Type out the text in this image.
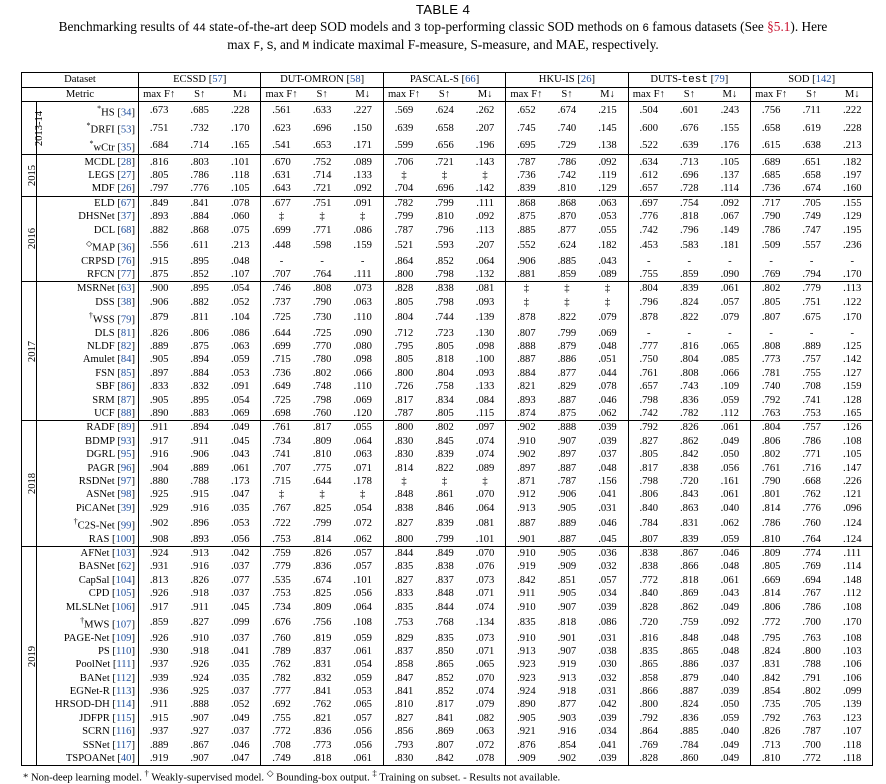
TABLE 4
Benchmarking results of 44 state-of-the-art deep SOD models and 3 top-performing classic SOD methods on 6 famous datasets (See §5.1). Here
max F, S, and M indicate maximal F-measure, S-measure, and MAE, respectively.
Dataset		ECSSD [57]			DUT-OMRON [58]			PASCAL-S [66]			HKU-IS [26]			DUTS-test [79]			SOD [142]		
Metric		max F↑	S↑	M↓	max F↑	S↑	M↓	max F↑	S↑	M↓	max F↑	S↑	M↓	max F↑	S↑	M↓	max F↑	S↑	M↓
2013-14	*HS [34]	.673	.685	.228	.561	.633	.227	.569	.624	.262	.652	.674	.215	.504	.601	.243	.756	.711	.222
	*DRFI [53]	.751	.732	.170	.623	.696	.150	.639	.658	.207	.745	.740	.145	.600	.676	.155	.658	.619	.228
	*wCtr [35]	.684	.714	.165	.541	.653	.171	.599	.656	.196	.695	.729	.138	.522	.639	.176	.615	.638	.213
2015	MCDL [28]	.816	.803	.101	.670	.752	.089	.706	.721	.143	.787	.786	.092	.634	.713	.105	.689	.651	.182
	LEGS [27]	.805	.786	.118	.631	.714	.133	‡	‡	‡	.736	.742	.119	.612	.696	.137	.685	.658	.197
	MDF [26]	.797	.776	.105	.643	.721	.092	.704	.696	.142	.839	.810	.129	.657	.728	.114	.736	.674	.160
2016	ELD [67]	.849	.841	.078	.677	.751	.091	.782	.799	.111	.868	.868	.063	.697	.754	.092	.717	.705	.155
	DHSNet [37]	.893	.884	.060	‡	‡	‡	.799	.810	.092	.875	.870	.053	.776	.818	.067	.790	.749	.129
	DCL [68]	.882	.868	.075	.699	.771	.086	.787	.796	.113	.885	.877	.055	.742	.796	.149	.786	.747	.195
	◇MAP [36]	.556	.611	.213	.448	.598	.159	.521	.593	.207	.552	.624	.182	.453	.583	.181	.509	.557	.236
	CRPSD [76]	.915	.895	.048	-	-	-	.864	.852	.064	.906	.885	.043	-	-	-	-	-	-
	RFCN [77]	.875	.852	.107	.707	.764	.111	.800	.798	.132	.881	.859	.089	.755	.859	.090	.769	.794	.170
2017	MSRNet [63]	.900	.895	.054	.746	.808	.073	.828	.838	.081	‡	‡	‡	.804	.839	.061	.802	.779	.113
	DSS [38]	.906	.882	.052	.737	.790	.063	.805	.798	.093	‡	‡	‡	.796	.824	.057	.805	.751	.122
	†WSS [79]	.879	.811	.104	.725	.730	.110	.804	.744	.139	.878	.822	.079	.878	.822	.079	.807	.675	.170
	DLS [81]	.826	.806	.086	.644	.725	.090	.712	.723	.130	.807	.799	.069	-	-	-	-	-	-
	NLDF [82]	.889	.875	.063	.699	.770	.080	.795	.805	.098	.888	.879	.048	.777	.816	.065	.808	.889	.125
	Amulet [84]	.905	.894	.059	.715	.780	.098	.805	.818	.100	.887	.886	.051	.750	.804	.085	.773	.757	.142
	FSN [85]	.897	.884	.053	.736	.802	.066	.800	.804	.093	.884	.877	.044	.761	.808	.066	.781	.755	.127
	SBF [86]	.833	.832	.091	.649	.748	.110	.726	.758	.133	.821	.829	.078	.657	.743	.109	.740	.708	.159
	SRM [87]	.905	.895	.054	.725	.798	.069	.817	.834	.084	.893	.887	.046	.798	.836	.059	.792	.741	.128
	UCF [88]	.890	.883	.069	.698	.760	.120	.787	.805	.115	.874	.875	.062	.742	.782	.112	.763	.753	.165
2018	RADF [89]	.911	.894	.049	.761	.817	.055	.800	.802	.097	.902	.888	.039	.792	.826	.061	.804	.757	.126
	BDMP [93]	.917	.911	.045	.734	.809	.064	.830	.845	.074	.910	.907	.039	.827	.862	.049	.806	.786	.108
	DGRL [95]	.916	.906	.043	.741	.810	.063	.830	.839	.074	.902	.897	.037	.805	.842	.050	.802	.771	.105
	PAGR [96]	.904	.889	.061	.707	.775	.071	.814	.822	.089	.897	.887	.048	.817	.838	.056	.761	.716	.147
	RSDNet [97]	.880	.788	.173	.715	.644	.178	‡	‡	‡	.871	.787	.156	.798	.720	.161	.790	.668	.226
	ASNet [98]	.925	.915	.047	‡	‡	‡	.848	.861	.070	.912	.906	.041	.806	.843	.061	.801	.762	.121
	PiCANet [39]	.929	.916	.035	.767	.825	.054	.838	.846	.064	.913	.905	.031	.840	.863	.040	.814	.776	.096
	†C2S-Net [99]	.902	.896	.053	.722	.799	.072	.827	.839	.081	.887	.889	.046	.784	.831	.062	.786	.760	.124
	RAS [100]	.908	.893	.056	.753	.814	.062	.800	.799	.101	.901	.887	.045	.807	.839	.059	.810	.764	.124
2019	AFNet [103]	.924	.913	.042	.759	.826	.057	.844	.849	.070	.910	.905	.036	.838	.867	.046	.809	.774	.111
	BASNet [62]	.931	.916	.037	.779	.836	.057	.835	.838	.076	.919	.909	.032	.838	.866	.048	.805	.769	.114
	CapSal [104]	.813	.826	.077	.535	.674	.101	.827	.837	.073	.842	.851	.057	.772	.818	.061	.669	.694	.148
	CPD [105]	.926	.918	.037	.753	.825	.056	.833	.848	.071	.911	.905	.034	.840	.869	.043	.814	.767	.112
	MLSLNet [106]	.917	.911	.045	.734	.809	.064	.835	.844	.074	.910	.907	.039	.828	.862	.049	.806	.786	.108
	†MWS [107]	.859	.827	.099	.676	.756	.108	.753	.768	.134	.835	.818	.086	.720	.759	.092	.772	.700	.170
	PAGE-Net [109]	.926	.910	.037	.760	.819	.059	.829	.835	.073	.910	.901	.031	.816	.848	.048	.795	.763	.108
	PS [110]	.930	.918	.041	.789	.837	.061	.837	.850	.071	.913	.907	.038	.835	.865	.048	.824	.800	.103
	PoolNet [111]	.937	.926	.035	.762	.831	.054	.858	.865	.065	.923	.919	.030	.865	.886	.037	.831	.788	.106
	BANet [112]	.939	.924	.035	.782	.832	.059	.847	.852	.070	.923	.913	.032	.858	.879	.040	.842	.791	.106
	EGNet-R [113]	.936	.925	.037	.777	.841	.053	.841	.852	.074	.924	.918	.031	.866	.887	.039	.854	.802	.099
	HRSOD-DH [114]	.911	.888	.052	.692	.762	.065	.810	.817	.079	.890	.877	.042	.800	.824	.050	.735	.705	.139
	JDFPR [115]	.915	.907	.049	.755	.821	.057	.827	.841	.082	.905	.903	.039	.792	.836	.059	.792	.763	.123
	SCRN [116]	.937	.927	.037	.772	.836	.056	.856	.869	.063	.921	.916	.034	.864	.885	.040	.826	.787	.107
	SSNet [117]	.889	.867	.046	.708	.773	.056	.793	.807	.072	.876	.854	.041	.769	.784	.049	.713	.700	.118
	TSPOANet [40]	.919	.907	.047	.749	.818	.061	.830	.842	.078	.909	.902	.039	.828	.860	.049	.810	.772	.118
* Non-deep learning model. † Weakly-supervised model. ◇ Bounding-box output. ‡ Training on subset. - Results not available.
